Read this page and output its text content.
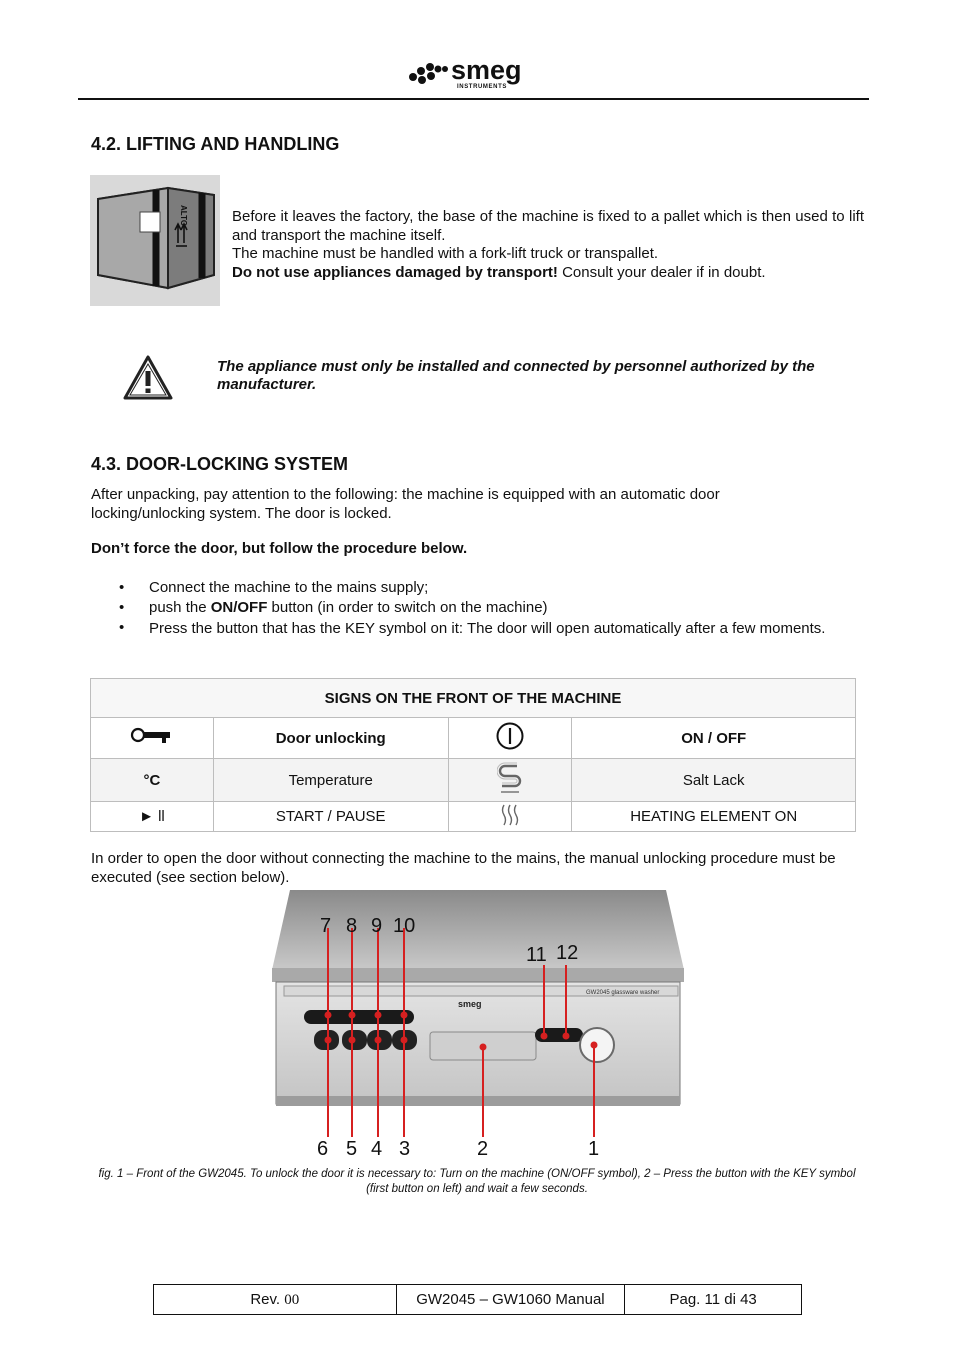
smeg
INSTRUMENTS
4.2. LIFTING AND HANDLING
ALTO	Before it leaves the factory, the base of the machine is fixed to a pallet which is then used to lift and transport the machine itself.
The machine must be handled with a fork-lift truck or transpallet.
Do not use appliances damaged by transport! Consult your dealer if in doubt.
The appliance must only be installed and connected by personnel authorized by the manufacturer.
4.3. DOOR-LOCKING SYSTEM
After unpacking, pay attention to the following: the machine is equipped with an automatic door locking/unlocking system. The door is locked.
Don’t force the door, but follow the procedure below.
• Connect the machine to the mains supply;
• push the ON/OFF button (in order to switch on the machine)
• Press the button that has the KEY symbol on it: The door will open automatically after a few moments.
SIGNS ON THE FRONT OF THE MACHINE			
	Door unlocking		ON / OFF
°C	Temperature		Salt Lack
► ll	START / PAUSE		HEATING ELEMENT ON
In order to open the door without connecting the machine to the mains, the manual unlocking procedure must be executed (see section below).
GW2045 glassware washer
smeg
7 8 9 10
11 12
6 5 4 3	2	1
fig. 1 – Front of the GW2045. To unlock the door it is necessary to: Turn on the machine (ON/OFF symbol), 2 – Press the button with the KEY symbol (first button on left) and wait a few seconds.
Rev. 00	GW2045 – GW1060 Manual	Pag. 11 di 43
